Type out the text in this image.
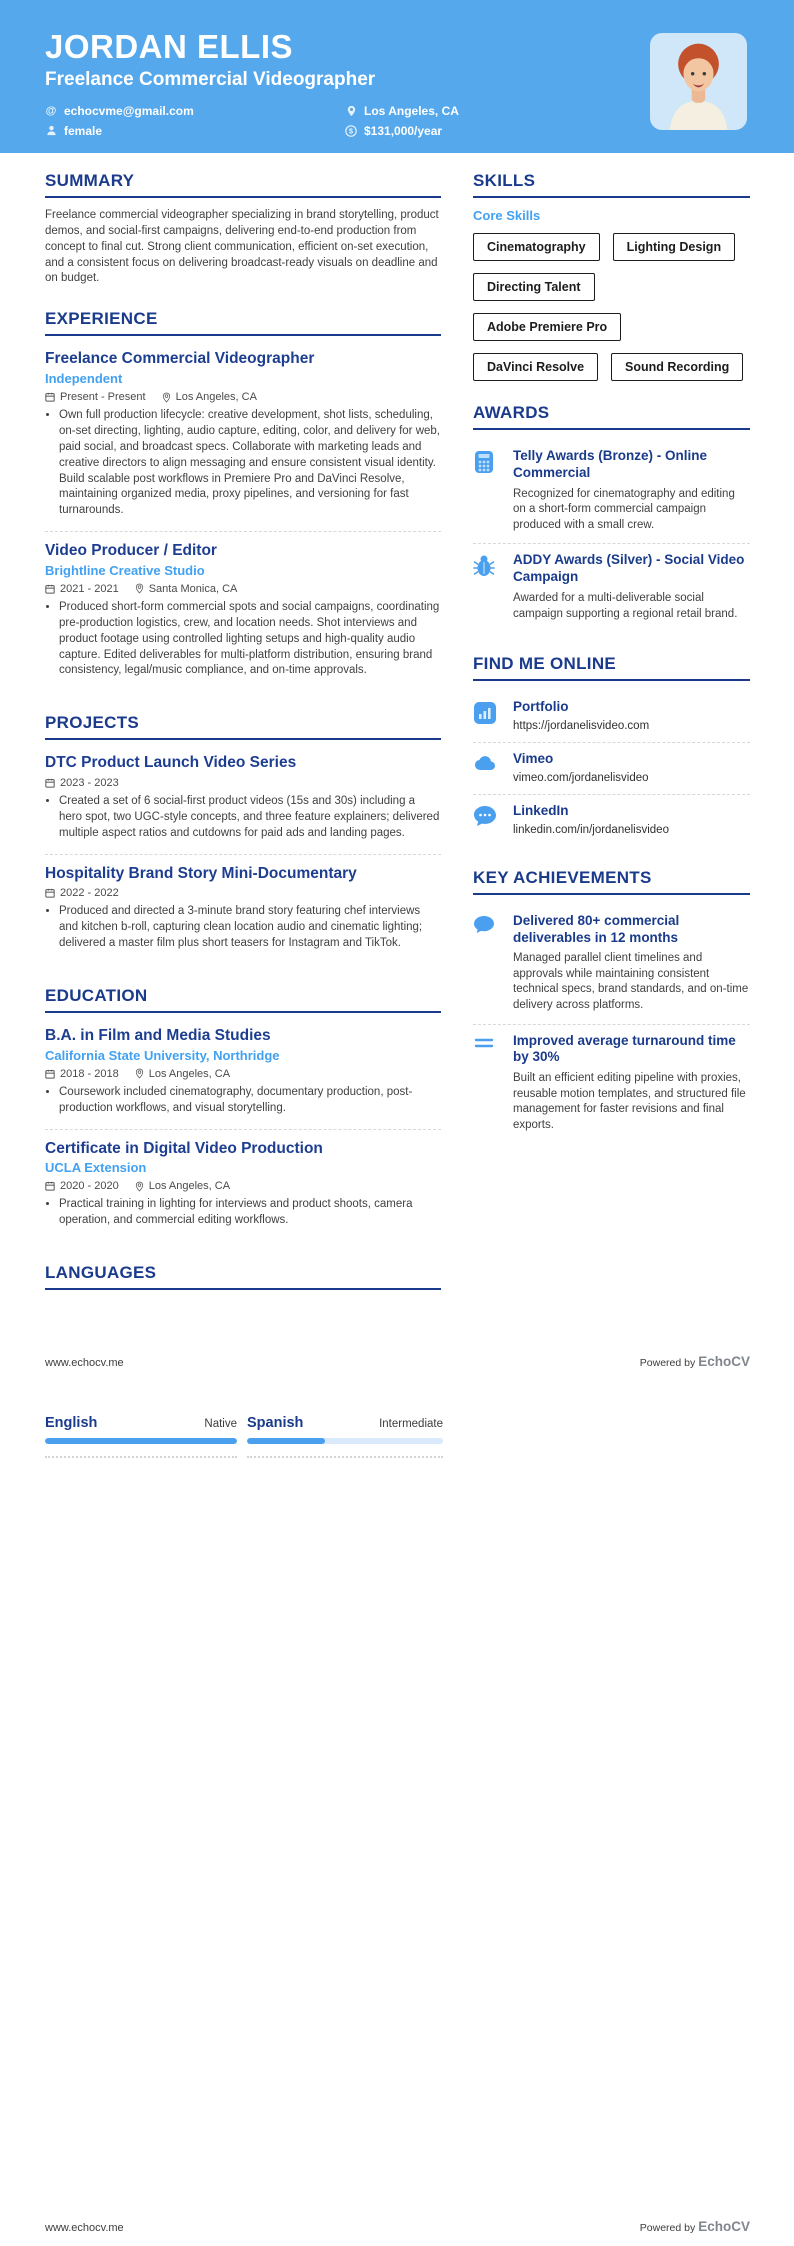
JORDAN ELLIS
Freelance Commercial Videographer
@ echocvme@gmail.com	Los Angeles, CA
female	$ $131,000/year
SUMMARY
Freelance commercial videographer specializing in brand storytelling, product demos, and social-first campaigns, delivering end-to-end production from concept to final cut. Strong client communication, efficient on-set execution, and a consistent focus on delivering broadcast-ready visuals on deadline and on budget.
EXPERIENCE
Freelance Commercial Videographer
Independent
Present - Present	Los Angeles, CA
• Own full production lifecycle: creative development, shot lists, scheduling, on-set directing, lighting, audio capture, editing, color, and delivery for web, paid social, and broadcast specs. Collaborate with marketing leads and creative directors to align messaging and ensure consistent visual identity. Build scalable post workflows in Premiere Pro and DaVinci Resolve, maintaining organized media, proxy pipelines, and versioning for fast turnarounds.
Video Producer / Editor
Brightline Creative Studio
2021 - 2021	Santa Monica, CA
• Produced short-form commercial spots and social campaigns, coordinating pre-production logistics, crew, and location needs. Shot interviews and product footage using controlled lighting setups and high-quality audio capture. Edited deliverables for multi-platform distribution, ensuring brand consistency, legal/music compliance, and on-time approvals.
PROJECTS
DTC Product Launch Video Series
2023 - 2023
• Created a set of 6 social-first product videos (15s and 30s) including a hero spot, two UGC-style concepts, and three feature explainers; delivered multiple aspect ratios and cutdowns for paid ads and landing pages.
Hospitality Brand Story Mini-Documentary
2022 - 2022
• Produced and directed a 3-minute brand story featuring chef interviews and kitchen b-roll, capturing clean location audio and cinematic lighting; delivered a master film plus short teasers for Instagram and TikTok.
EDUCATION
B.A. in Film and Media Studies
California State University, Northridge
2018 - 2018	Los Angeles, CA
• Coursework included cinematography, documentary production, post-production workflows, and visual storytelling.
Certificate in Digital Video Production
UCLA Extension
2020 - 2020	Los Angeles, CA
• Practical training in lighting for interviews and product shoots, camera operation, and commercial editing workflows.
LANGUAGES
SKILLS
Core Skills
Cinematography	Lighting Design
Directing Talent
Adobe Premiere Pro
DaVinci Resolve	Sound Recording
AWARDS
Telly Awards (Bronze) - Online Commercial
Recognized for cinematography and editing on a short-form commercial campaign produced with a small crew.
ADDY Awards (Silver) - Social Video Campaign
Awarded for a multi-deliverable social campaign supporting a regional retail brand.
FIND ME ONLINE
Portfolio
https://jordanelisvideo.com
Vimeo
vimeo.com/jordanelisvideo
LinkedIn
linkedin.com/in/jordanelisvideo
KEY ACHIEVEMENTS
Delivered 80+ commercial deliverables in 12 months
Managed parallel client timelines and approvals while maintaining consistent technical specs, brand standards, and on-time delivery across platforms.
Improved average turnaround time by 30%
Built an efficient editing pipeline with proxies, reusable motion templates, and structured file management for faster revisions and final exports.
www.echocv.me	Powered by EchoCV
English	Native Spanish	Intermediate
www.echocv.me	Powered by EchoCV
